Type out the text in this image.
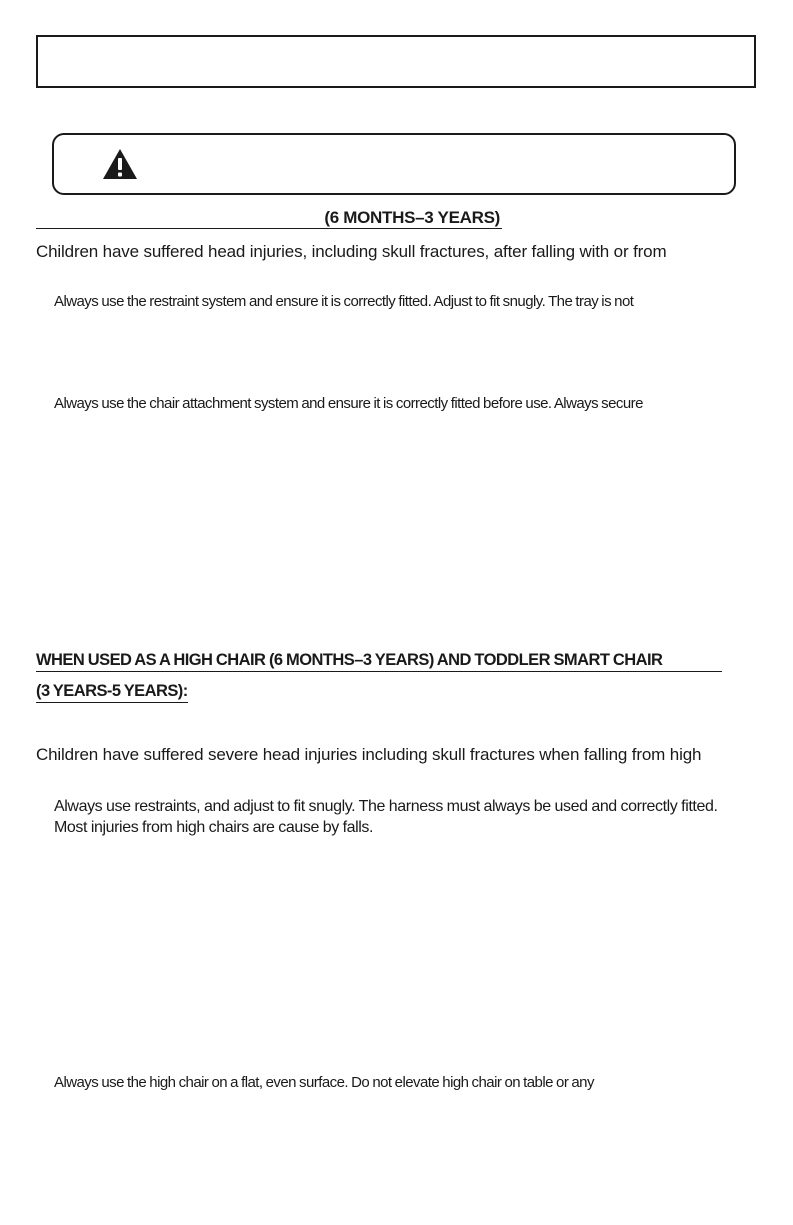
(6 MONTHS–3 YEARS)
Children have suffered head injuries, including skull fractures, after falling with or from
Always use the restraint system and ensure it is correctly fitted. Adjust to fit snugly. The tray is not
Always use the chair attachment system and ensure it is correctly fitted before use. Always secure
WHEN USED AS A HIGH CHAIR (6 MONTHS–3 YEARS) AND TODDLER SMART CHAIR
(3 YEARS-5 YEARS):
Children have suffered severe head injuries including skull fractures when falling from high
Always use restraints, and adjust to fit snugly. The harness must always be used and correctly fitted. Most injuries from high chairs are cause by falls.
Always use the high chair on a flat, even surface. Do not elevate high chair on table or any
